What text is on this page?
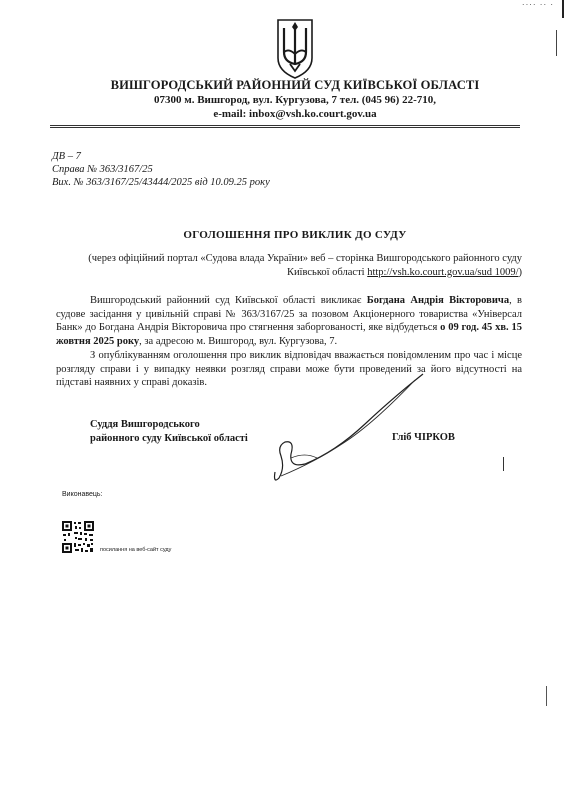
···· ·· ·
ВИШГОРОДСЬКИЙ РАЙОННИЙ СУД КИЇВСЬКОЇ ОБЛАСТІ
07300 м. Вишгород, вул. Кургузова, 7 тел. (045 96) 22-710,
e-mail: inbox@vsh.ko.court.gov.ua
ДВ – 7
Справа № 363/3167/25
Вих. № 363/3167/25/43444/2025 від 10.09.25 року
ОГОЛОШЕННЯ ПРО ВИКЛИК ДО СУДУ
(через офіційний портал «Судова влада України» веб – сторінка Вишгородського районного суду Київської області http://vsh.ko.court.gov.ua/sud 1009/)

Вишгородський районний суд Київської області викликає Богдана Андрія Вікторовича, в судове засідання у цивільній справі № 363/3167/25 за позовом Акціонерного товариства «Універсал Банк» до Богдана Андрія Вікторовича про стягнення заборгованості, яке відбудеться о 09 год. 45 хв. 15 жовтня 2025 року, за адресою м. Вишгород, вул. Кургузова, 7.

З опублікуванням оголошення про виклик відповідач вважається повідомленим про час і місце розгляду справи і у випадку неявки розгляд справи може бути проведений за його відсутності на підставі наявних у справі доказів.

Суддя Вишгородського
районного суду Київської області	Гліб ЧІРКОВ
Виконавець:
посилання на веб-сайт суду
